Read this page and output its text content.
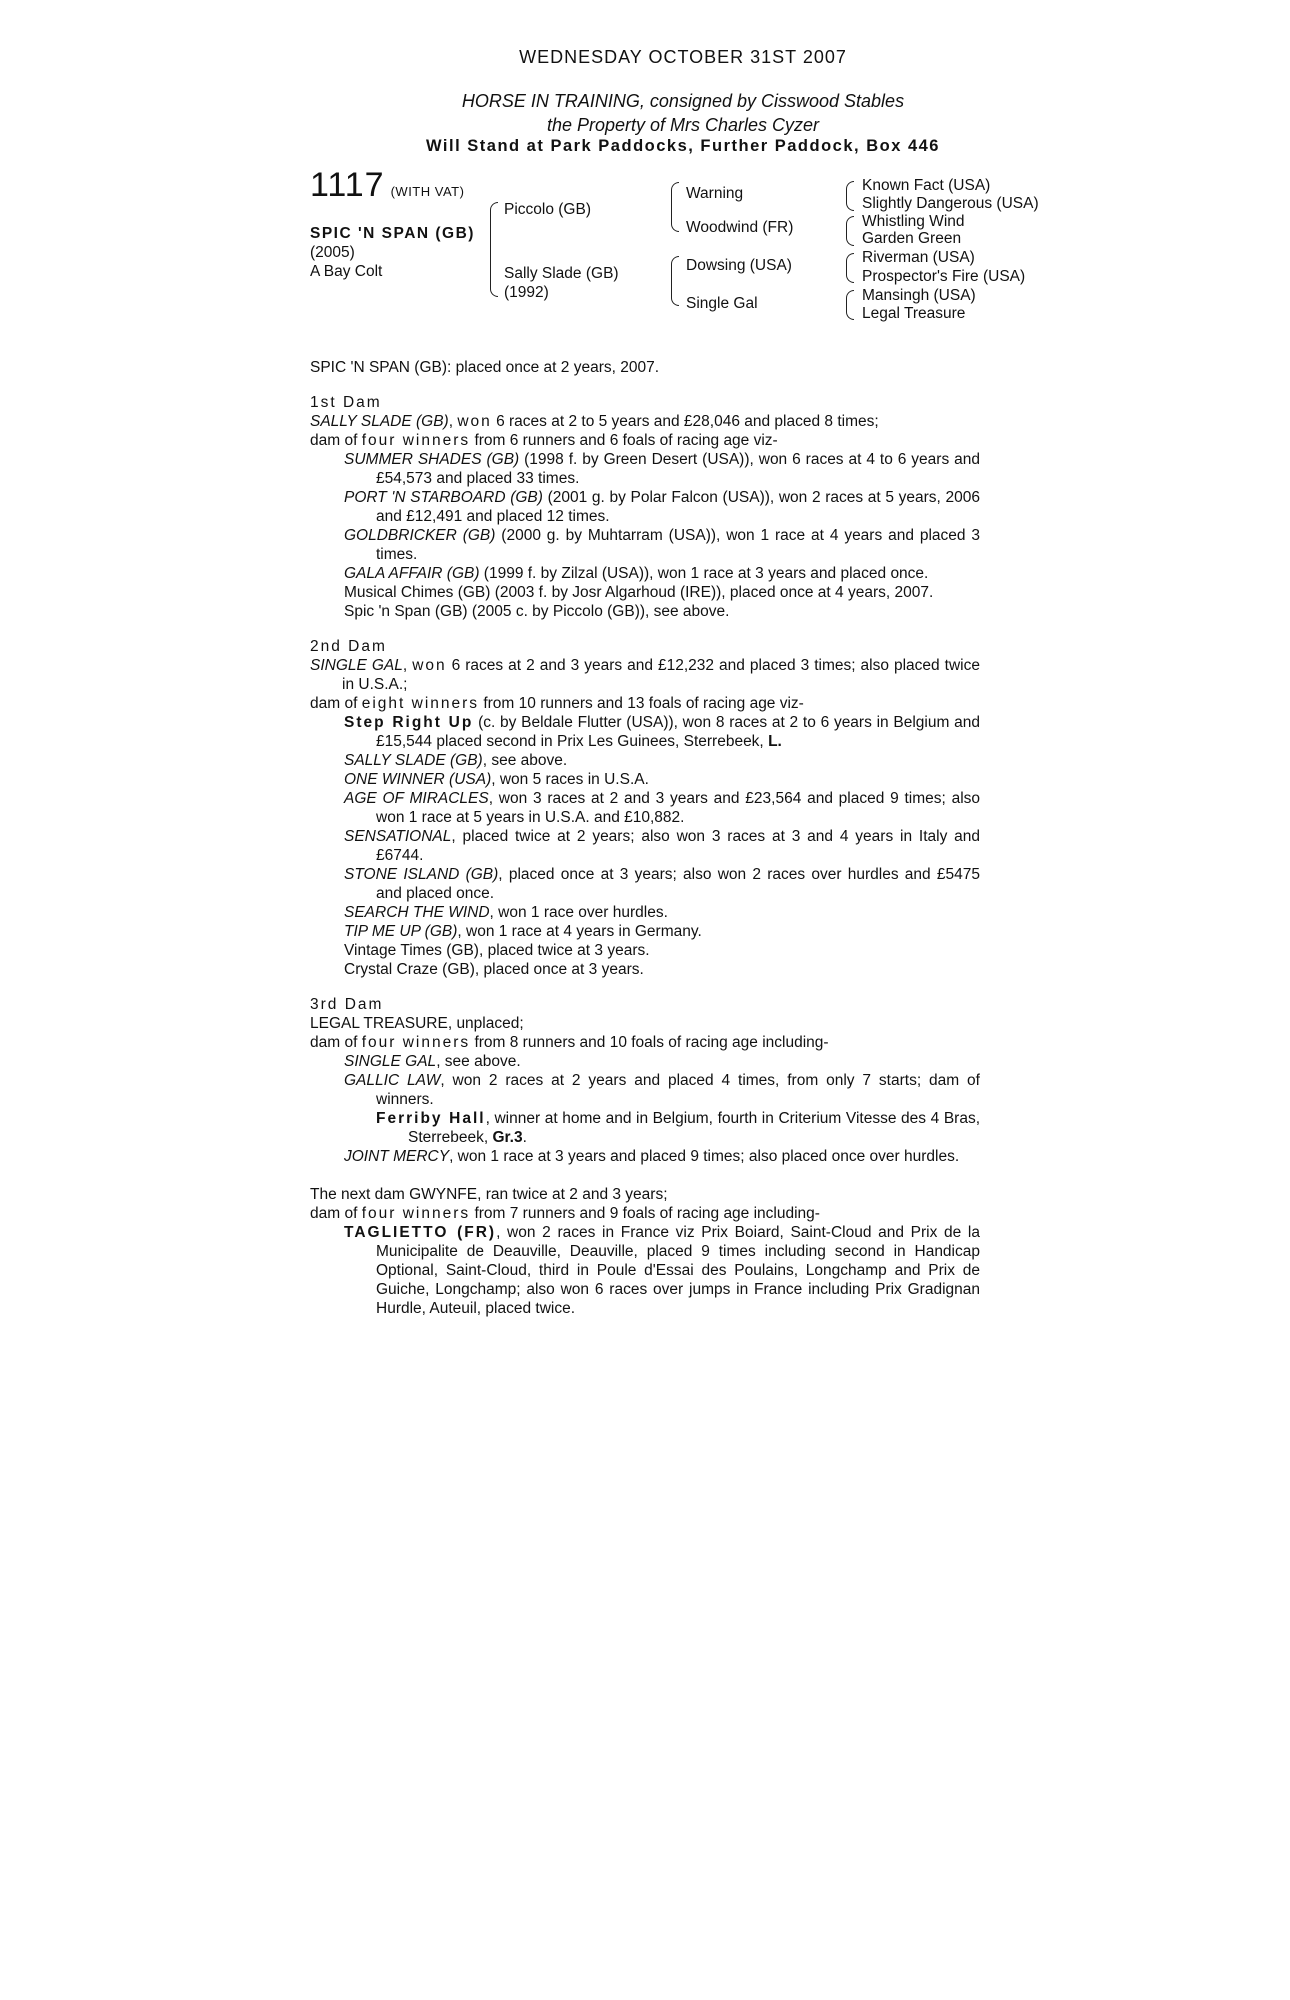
WEDNESDAY OCTOBER 31ST 2007
HORSE IN TRAINING, consigned by Cisswood Stables
the Property of Mrs Charles Cyzer
Will Stand at Park Paddocks, Further Paddock, Box 446
1117 (WITH VAT)
SPIC 'N SPAN (GB)
(2005)
A Bay Colt
Piccolo (GB)
Sally Slade (GB)
(1992)
Warning
Woodwind (FR)
Dowsing (USA)
Single Gal
Known Fact (USA)
Slightly Dangerous (USA)
Whistling Wind
Garden Green
Riverman (USA)
Prospector's Fire (USA)
Mansingh (USA)
Legal Treasure

SPIC 'N SPAN (GB): placed once at 2 years, 2007.

1st Dam

SALLY SLADE (GB), won 6 races at 2 to 5 years and £28,046 and placed 8 times;

dam of four winners from 6 runners and 6 foals of racing age viz-

SUMMER SHADES (GB) (1998 f. by Green Desert (USA)), won 6 races at 4 to 6 years and £54,573 and placed 33 times.

PORT 'N STARBOARD (GB) (2001 g. by Polar Falcon (USA)), won 2 races at 5 years, 2006 and £12,491 and placed 12 times.

GOLDBRICKER (GB) (2000 g. by Muhtarram (USA)), won 1 race at 4 years and placed 3 times.

GALA AFFAIR (GB) (1999 f. by Zilzal (USA)), won 1 race at 3 years and placed once.

Musical Chimes (GB) (2003 f. by Josr Algarhoud (IRE)), placed once at 4 years, 2007.

Spic 'n Span (GB) (2005 c. by Piccolo (GB)), see above.

2nd Dam

SINGLE GAL, won 6 races at 2 and 3 years and £12,232 and placed 3 times; also placed twice in U.S.A.;

dam of eight winners from 10 runners and 13 foals of racing age viz-

Step Right Up (c. by Beldale Flutter (USA)), won 8 races at 2 to 6 years in Belgium and £15,544 placed second in Prix Les Guinees, Sterrebeek, L.

SALLY SLADE (GB), see above.

ONE WINNER (USA), won 5 races in U.S.A.

AGE OF MIRACLES, won 3 races at 2 and 3 years and £23,564 and placed 9 times; also won 1 race at 5 years in U.S.A. and £10,882.

SENSATIONAL, placed twice at 2 years; also won 3 races at 3 and 4 years in Italy and £6744.

STONE ISLAND (GB), placed once at 3 years; also won 2 races over hurdles and £5475 and placed once.

SEARCH THE WIND, won 1 race over hurdles.

TIP ME UP (GB), won 1 race at 4 years in Germany.

Vintage Times (GB), placed twice at 3 years.

Crystal Craze (GB), placed once at 3 years.

3rd Dam

LEGAL TREASURE, unplaced;

dam of four winners from 8 runners and 10 foals of racing age including-

SINGLE GAL, see above.

GALLIC LAW, won 2 races at 2 years and placed 4 times, from only 7 starts; dam of winners.

Ferriby Hall, winner at home and in Belgium, fourth in Criterium Vitesse des 4 Bras, Sterrebeek, Gr.3.

JOINT MERCY, won 1 race at 3 years and placed 9 times; also placed once over hurdles.

The next dam GWYNFE, ran twice at 2 and 3 years;

dam of four winners from 7 runners and 9 foals of racing age including-

TAGLIETTO (FR), won 2 races in France viz Prix Boiard, Saint-Cloud and Prix de la Municipalite de Deauville, Deauville, placed 9 times including second in Handicap Optional, Saint-Cloud, third in Poule d'Essai des Poulains, Longchamp and Prix de Guiche, Longchamp; also won 6 races over jumps in France including Prix Gradignan Hurdle, Auteuil, placed twice.
